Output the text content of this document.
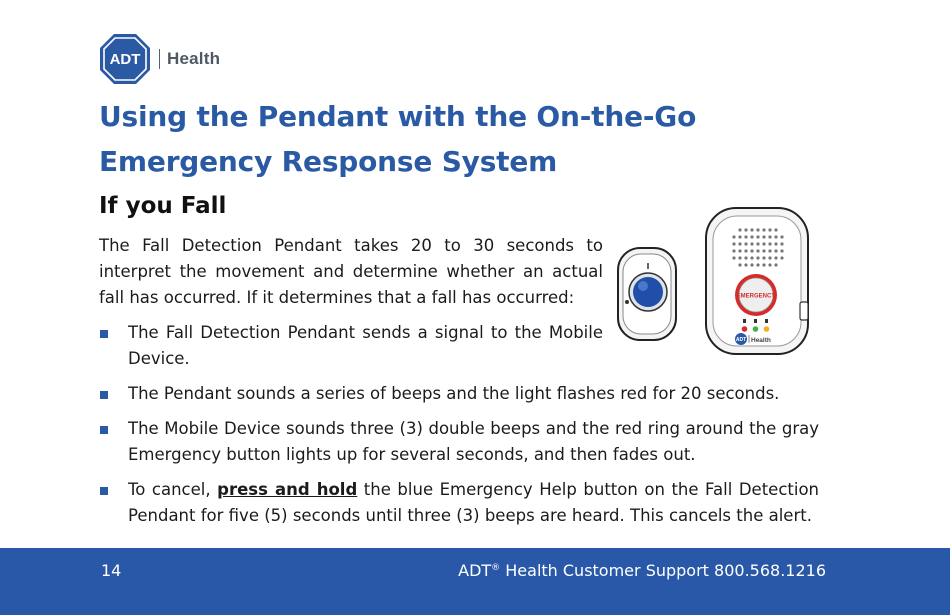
ADT Health
Using the Pendant with the On-the-Go
Emergency Response System
If you Fall

The Fall Detection Pendant takes 20 to 30 seconds to interpret the movement and determine whether an actual fall has occurred. If it determines that a fall has occurred:

The Fall Detection Pendant sends a signal to the Mobile Device.
The Pendant sounds a series of beeps and the light flashes red for 20 seconds.
The Mobile Device sounds three (3) double beeps and the red ring around the gray Emergency button lights up for several seconds, and then fades out.
To cancel, press and hold the blue Emergency Help button on the Fall Detection Pendant for five (5) seconds until three (3) beeps are heard. This cancels the alert.
EMERGENCY
ADT Health
14	ADT® Health Customer Support 800.568.1216
